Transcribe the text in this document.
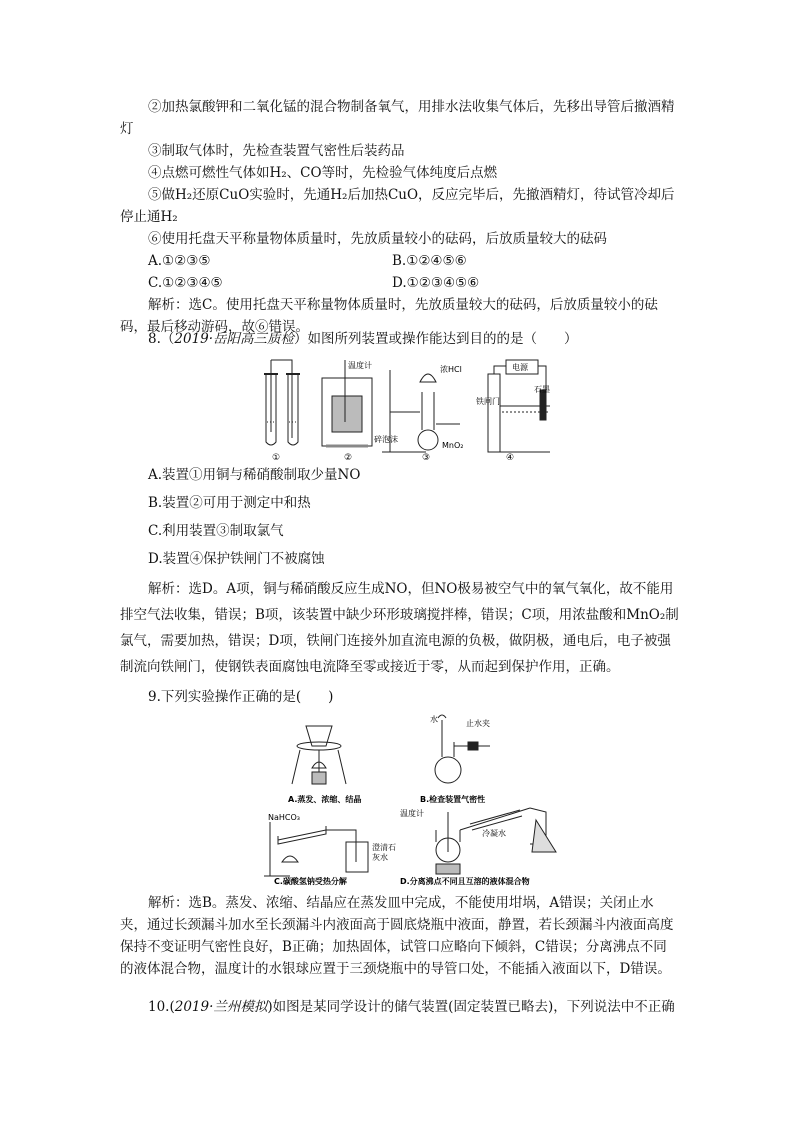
②加热氯酸钾和二氧化锰的混合物制备氧气，用排水法收集气体后，先移出导管后撤酒精灯

③制取气体时，先检查装置气密性后装药品

④点燃可燃性气体如H₂、CO等时，先检验气体纯度后点燃

⑤做H₂还原CuO实验时，先通H₂后加热CuO，反应完毕后，先撤酒精灯，待试管冷却后停止通H₂

⑥使用托盘天平称量物体质量时，先放质量较小的砝码，后放质量较大的砝码

A.①②③⑤	B.①②④⑤⑥

C.①②③④⑤	D.①②③④⑤⑥

解析：选C。使用托盘天平称量物体质量时，先放质量较大的砝码，后放质量较小的砝码，最后移动游码，故⑥错误。

8.（2019·岳阳高三质检）如图所列装置或操作能达到目的的是（　　）

温度计
碎泡沫
浓HCl
MnO₂
电源
铁闸门
石墨
①	②	③	④

A.装置①用铜与稀硝酸制取少量NO

B.装置②可用于测定中和热

C.利用装置③制取氯气

D.装置④保护铁闸门不被腐蚀

解析：选D。A项，铜与稀硝酸反应生成NO，但NO极易被空气中的氧气氧化，故不能用排空气法收集，错误；B项，该装置中缺少环形玻璃搅拌棒，错误；C项，用浓盐酸和MnO₂制氯气，需要加热，错误；D项，铁闸门连接外加直流电源的负极，做阴极，通电后，电子被强制流向铁闸门，使钢铁表面腐蚀电流降至零或接近于零，从而起到保护作用，正确。

9.下列实验操作正确的是(　　)

A.蒸发、浓缩、结晶	B.检查装置气密性
C.碳酸氢钠受热分解	D.分离沸点不同且互溶的液体混合物
水	止水夹
NaHCO₃
澄清石
灰水
温度计
冷凝水

解析：选B。蒸发、浓缩、结晶应在蒸发皿中完成，不能使用坩埚，A错误；关闭止水夹，通过长颈漏斗加水至长颈漏斗内液面高于圆底烧瓶中液面，静置，若长颈漏斗内液面高度保持不变证明气密性良好，B正确；加热固体，试管口应略向下倾斜，C错误；分离沸点不同的液体混合物，温度计的水银球应置于三颈烧瓶中的导管口处，不能插入液面以下，D错误。

10.(2019·兰州模拟)如图是某同学设计的储气装置(固定装置已略去)，下列说法中不正确
